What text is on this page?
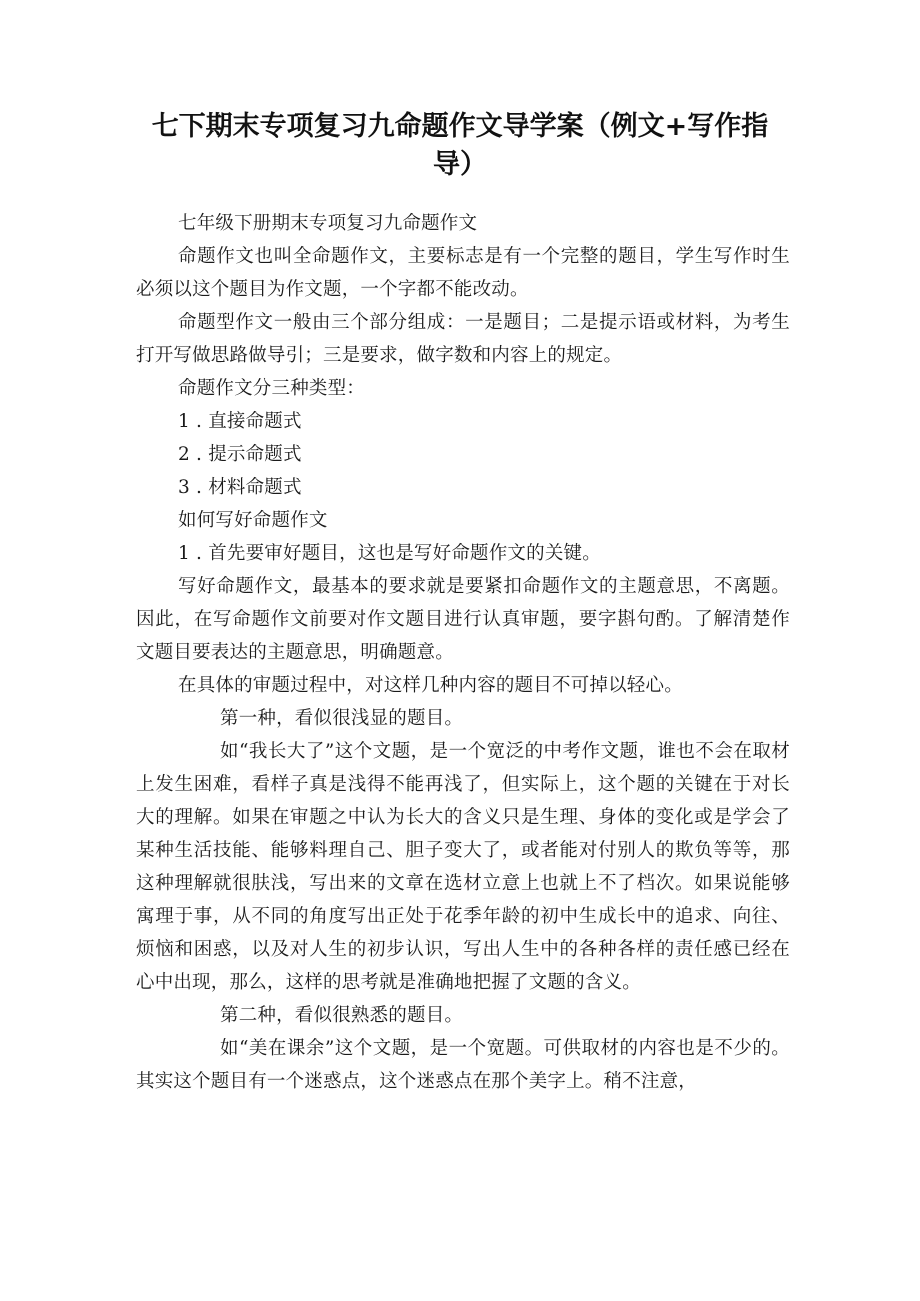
七下期末专项复习九命题作文导学案（例文+写作指
导）

七年级下册期末专项复习九命题作文

命题作文也叫全命题作文，主要标志是有一个完整的题目，学生写作时生必须以这个题目为作文题，一个字都不能改动。

命题型作文一般由三个部分组成：一是题目；二是提示语或材料，为考生打开写做思路做导引；三是要求，做字数和内容上的规定。

命题作文分三种类型：

1 . 直接命题式

2 . 提示命题式

3 . 材料命题式

如何写好命题作文

1 . 首先要审好题目，这也是写好命题作文的关键。

写好命题作文，最基本的要求就是要紧扣命题作文的主题意思，不离题。因此，在写命题作文前要对作文题目进行认真审题，要字斟句酌。了解清楚作文题目要表达的主题意思，明确题意。

在具体的审题过程中，对这样几种内容的题目不可掉以轻心。

第一种，看似很浅显的题目。

如“我长大了”这个文题，是一个宽泛的中考作文题，谁也不会在取材上发生困难，看样子真是浅得不能再浅了，但实际上，这个题的关键在于对长大的理解。如果在审题之中认为长大的含义只是生理、身体的变化或是学会了某种生活技能、能够料理自己、胆子变大了，或者能对付别人的欺负等等，那这种理解就很肤浅，写出来的文章在选材立意上也就上不了档次。如果说能够寓理于事，从不同的角度写出正处于花季年龄的初中生成长中的追求、向往、烦恼和困惑，以及对人生的初步认识，写出人生中的各种各样的责任感已经在心中出现，那么，这样的思考就是准确地把握了文题的含义。

第二种，看似很熟悉的题目。

如“美在课余”这个文题，是一个宽题。可供取材的内容也是不少的。其实这个题目有一个迷惑点，这个迷惑点在那个美字上。稍不注意，
